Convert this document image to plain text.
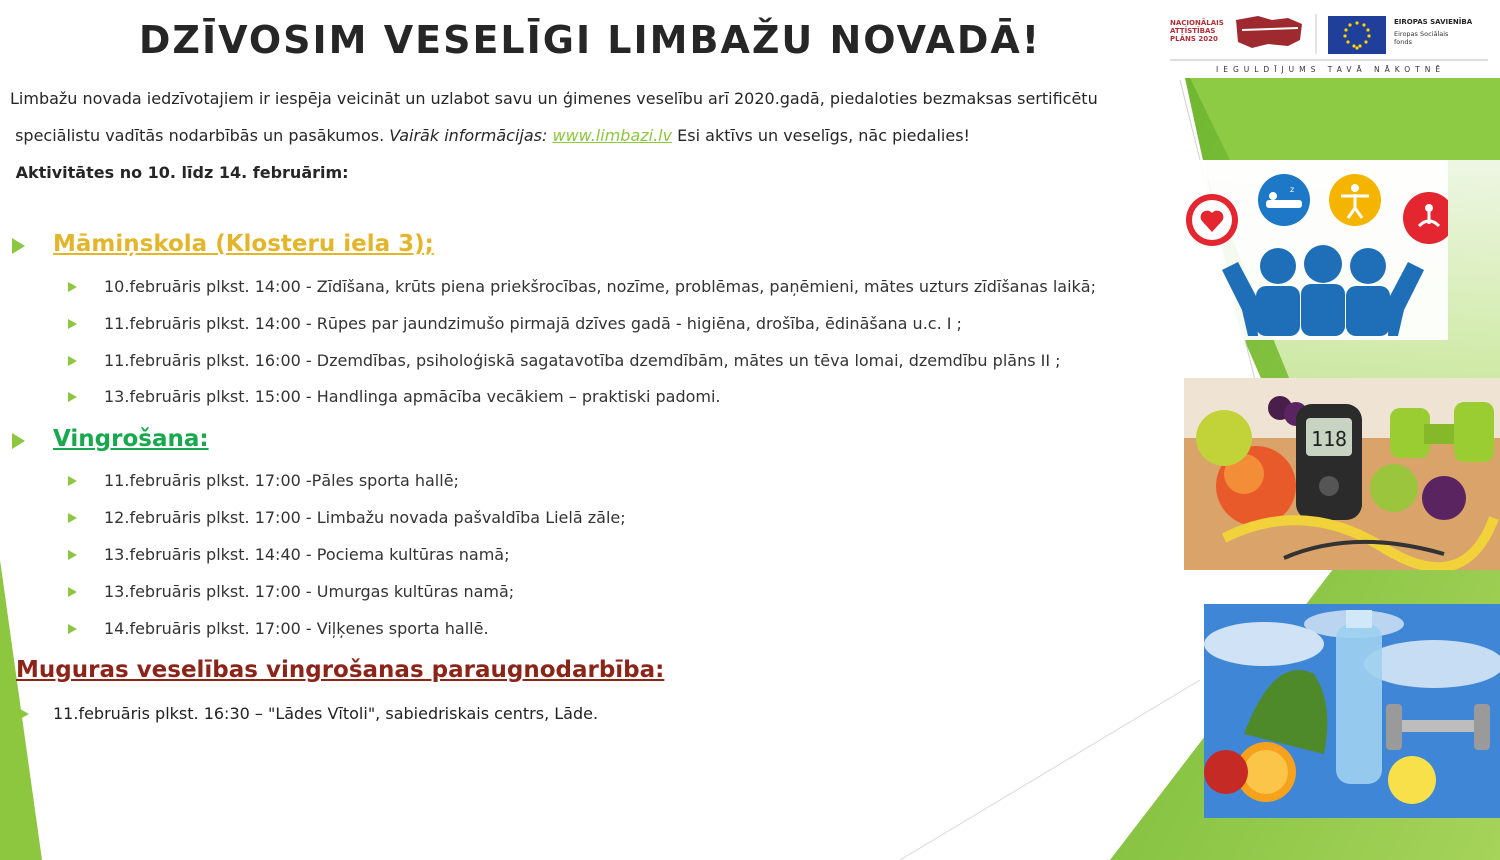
NACIONĀLAIS
ATTĪSTĪBAS
PLĀNS 2020
EIROPAS SAVIENĪBA
Eiropas Sociālais
fonds
IEGULDĪJUMS TAVĀ NĀKOTNĒ
DZĪVOSIM VESELĪGI LIMBAŽU NOVADĀ!

Limbažu novada iedzīvotajiem ir iespēja veicināt un uzlabot savu un ģimenes veselību arī 2020.gadā, piedaloties bezmaksas sertificētu

speciālistu vadītās nodarbībās un pasākumos. Vairāk informācijas: www.limbazi.lv Esi aktīvs un veselīgs, nāc piedalies!

Aktivitātes no 10. līdz 14. februārim:

Māmiņskola (Klosteru iela 3);
10.februāris plkst. 14:00 - Zīdīšana, krūts piena priekšrocības, nozīme, problēmas, paņēmieni, mātes uzturs zīdīšanas laikā;
11.februāris plkst. 14:00 - Rūpes par jaundzimušo pirmajā dzīves gadā - higiēna, drošība, ēdināšana u.c. I ;
11.februāris plkst. 16:00 - Dzemdības, psiholoģiskā sagatavotība dzemdībām, mātes un tēva lomai, dzemdību plāns II ;
13.februāris plkst. 15:00 - Handlinga apmācība vecākiem – praktiski padomi.
Vingrošana:
11.februāris plkst. 17:00 -Pāles sporta hallē;
12.februāris plkst. 17:00 - Limbažu novada pašvaldība Lielā zāle;
13.februāris plkst. 14:40 - Pociema kultūras namā;
13.februāris plkst. 17:00 - Umurgas kultūras namā;
14.februāris plkst. 17:00 - Viļķenes sporta hallē.
Muguras veselības vingrošanas paraugnodarbība:
11.februāris plkst. 16:30 – "Lādes Vītoli", sabiedriskais centrs, Lāde.
z
118
